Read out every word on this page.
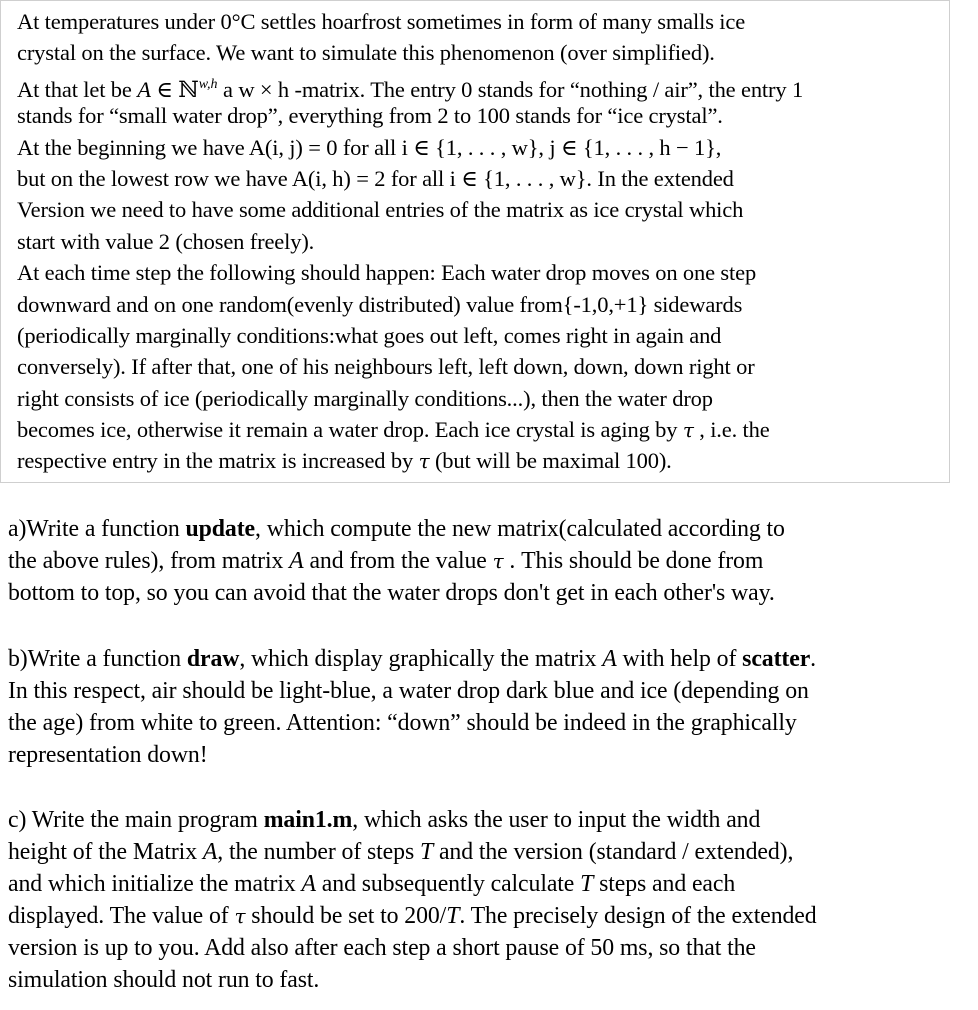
At temperatures under 0°C settles hoarfrost sometimes in form of many smalls ice
crystal on the surface. We want to simulate this phenomenon (over simplified).
At that let be A ∈ ℕ$^{w,h}$ a w × h -matrix. The entry 0 stands for “nothing / air”, the entry 1
stands for “small water drop”, everything from 2 to 100 stands for “ice crystal”.
At the beginning we have A(i, j) = 0 for all i ∈ {1, . . . , w}, j ∈ {1, . . . , h − 1},
but on the lowest row we have A(i, h) = 2 for all i ∈ {1, . . . , w}. In the extended
Version we need to have some additional entries of the matrix as ice crystal which
start with value 2 (chosen freely).
At each time step the following should happen: Each water drop moves on one step
downward and on one random(evenly distributed) value from{-1,0,+1} sidewards
(periodically marginally conditions:what goes out left, comes right in again and
conversely). If after that, one of his neighbours left, left down, down, down right or
right consists of ice (periodically marginally conditions...), then the water drop
becomes ice, otherwise it remain a water drop. Each ice crystal is aging by τ , i.e. the
respective entry in the matrix is increased by τ (but will be maximal 100).
a)Write a function update, which compute the new matrix(calculated according to
the above rules), from matrix A and from the value τ . This should be done from
bottom to top, so you can avoid that the water drops don't get in each other's way.
b)Write a function draw, which display graphically the matrix A with help of scatter.
In this respect, air should be light-blue, a water drop dark blue and ice (depending on
the age) from white to green. Attention: “down” should be indeed in the graphically
representation down!
c) Write the main program main1.m, which asks the user to input the width and
height of the Matrix A, the number of steps T and the version (standard / extended),
and which initialize the matrix A and subsequently calculate T steps and each
displayed. The value of τ should be set to 200/T. The precisely design of the extended
version is up to you. Add also after each step a short pause of 50 ms, so that the
simulation should not run to fast.
